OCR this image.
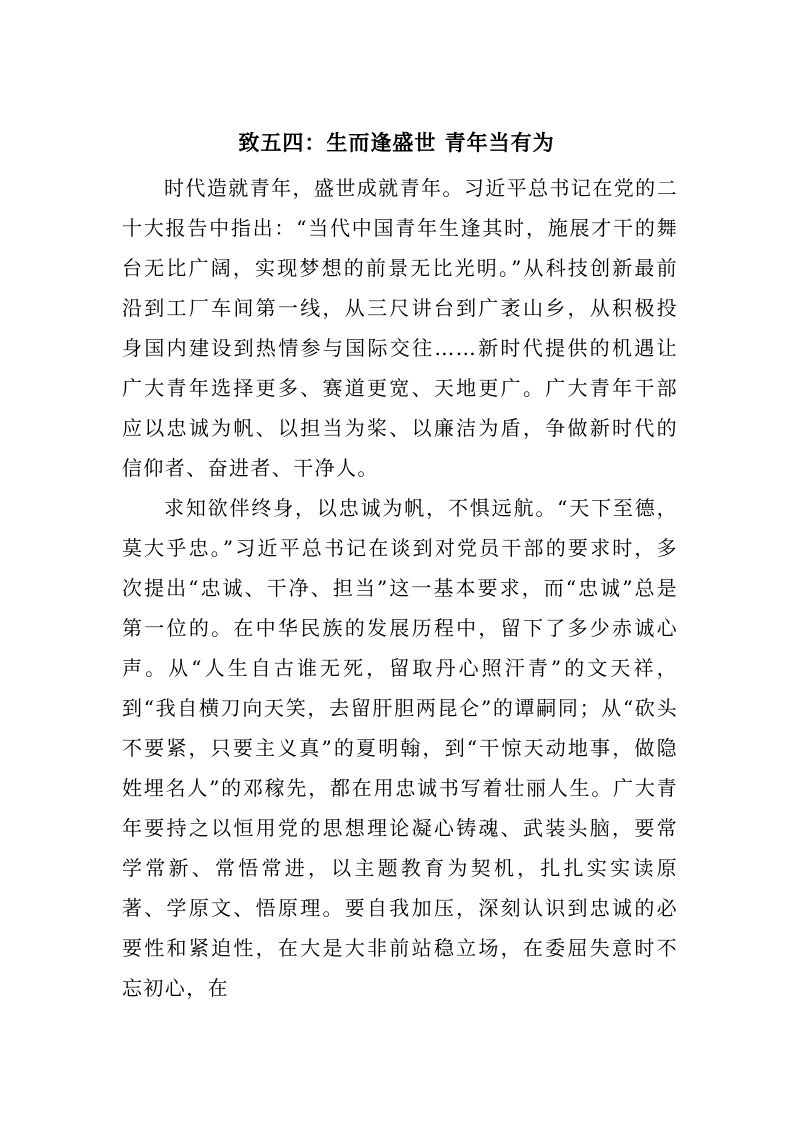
致五四：生而逢盛世 青年当有为

时代造就青年，盛世成就青年。习近平总书记在党的二十大报告中指出：“当代中国青年生逢其时，施展才干的舞台无比广阔，实现梦想的前景无比光明。”从科技创新最前沿到工厂车间第一线，从三尺讲台到广袤山乡，从积极投身国内建设到热情参与国际交往……新时代提供的机遇让广大青年选择更多、赛道更宽、天地更广。广大青年干部应以忠诚为帆、以担当为桨、以廉洁为盾，争做新时代的信仰者、奋进者、干净人。

求知欲伴终身，以忠诚为帆，不惧远航。“天下至德，莫大乎忠。”习近平总书记在谈到对党员干部的要求时，多次提出“忠诚、干净、担当”这一基本要求，而“忠诚”总是第一位的。在中华民族的发展历程中，留下了多少赤诚心声。从“人生自古谁无死，留取丹心照汗青”的文天祥，到“我自横刀向天笑，去留肝胆两昆仑”的谭嗣同；从“砍头不要紧，只要主义真”的夏明翰，到“干惊天动地事，做隐姓埋名人”的邓稼先，都在用忠诚书写着壮丽人生。广大青年要持之以恒用党的思想理论凝心铸魂、武装头脑，要常学常新、常悟常进，以主题教育为契机，扎扎实实读原著、学原文、悟原理。要自我加压，深刻认识到忠诚的必要性和紧迫性，在大是大非前站稳立场，在委屈失意时不忘初心，在
